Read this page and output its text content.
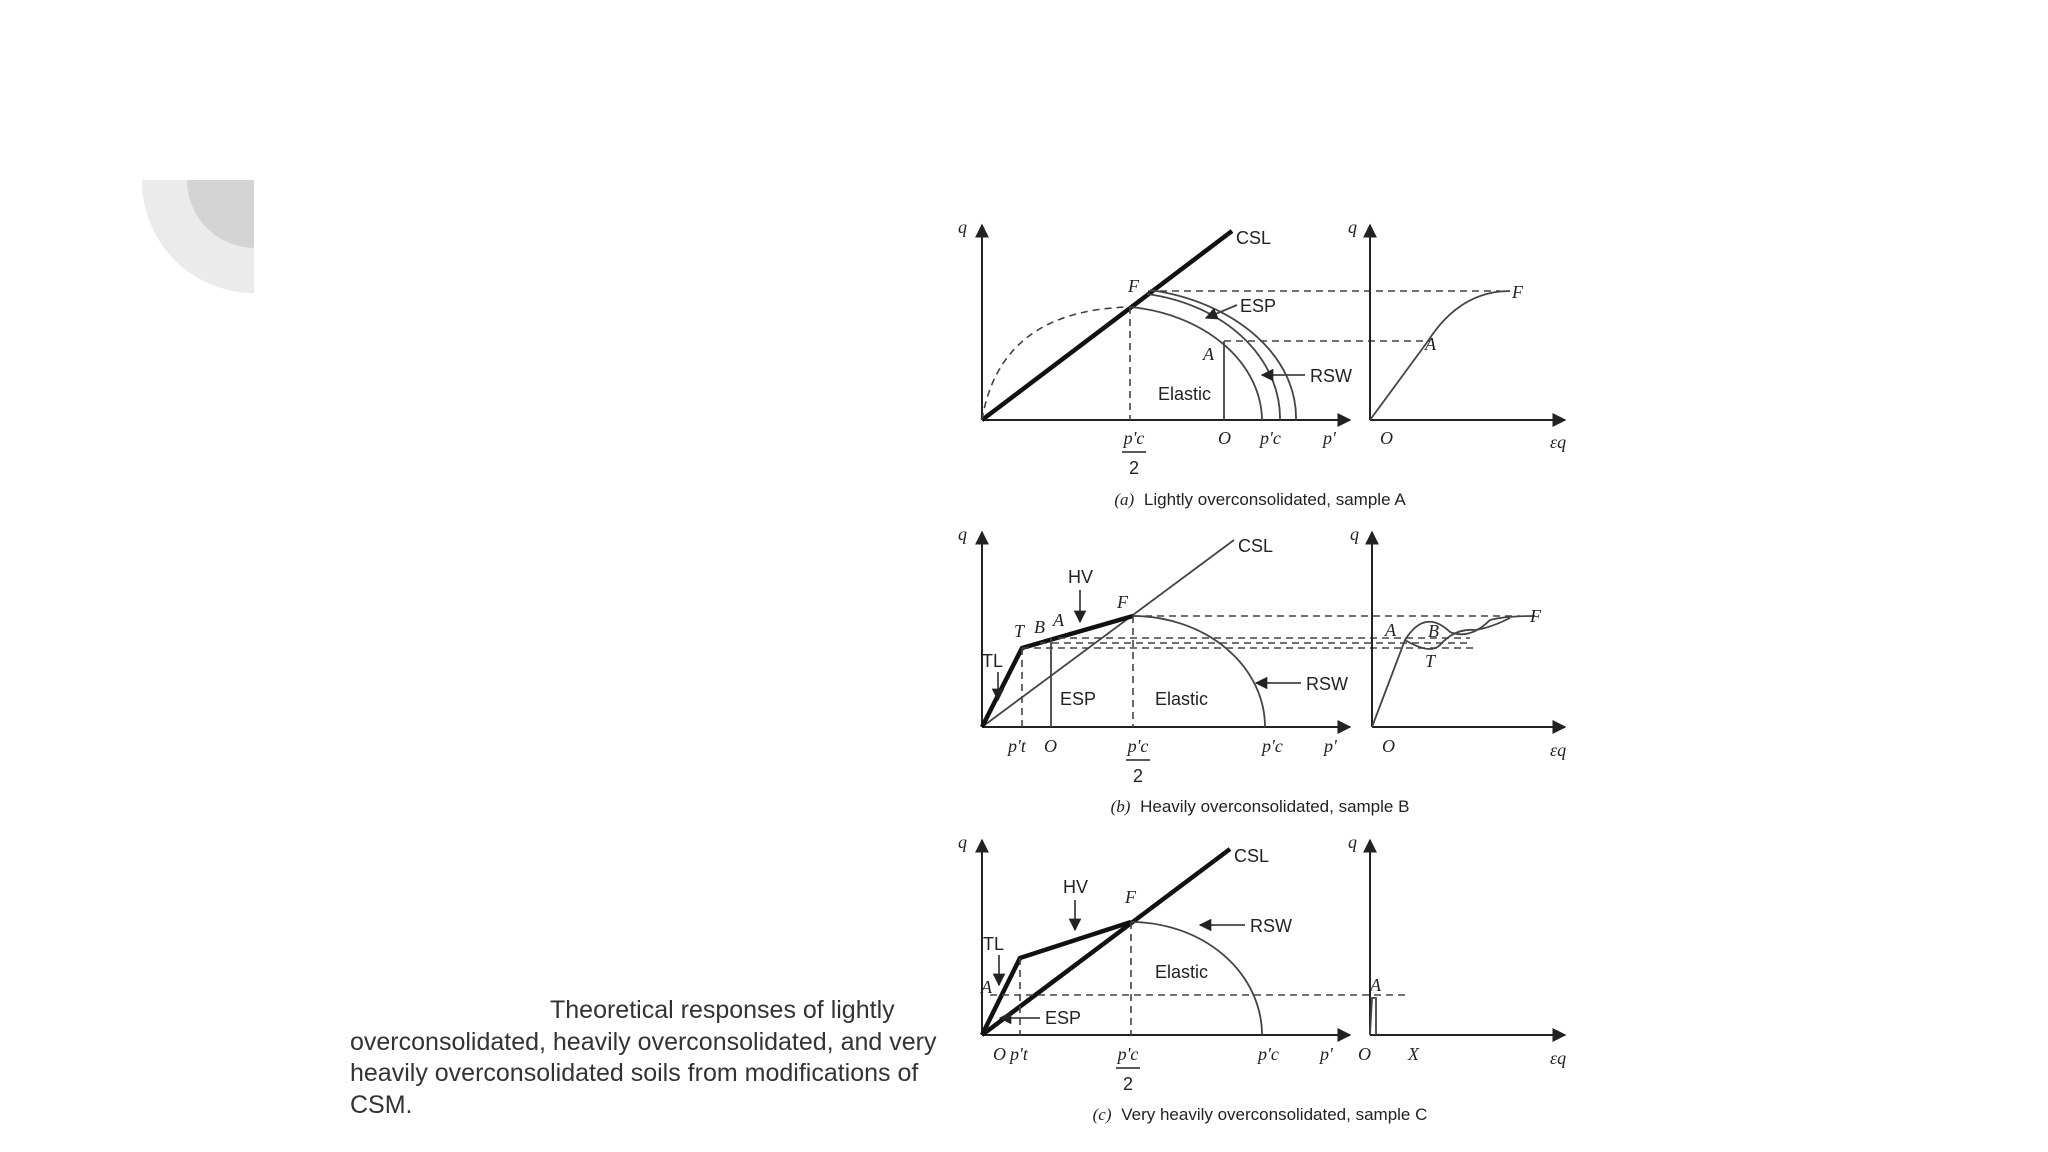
Theoretical responses of lightly overconsolidated, heavily overconsolidated, and very heavily overconsolidated soils from modifications of CSM.
q
CSL
F
A
ESP
RSW
Elastic
p'c
2
O p'c p'
q
A
F
O	εq
(a) Lightly overconsolidated, sample A
q
CSL
HV
T B A
F
TL
ESP	Elastic
RSW
p't O	p'c
2
p'c p'
q
A B
T
F
O	εq
(b) Heavily overconsolidated, sample B
q
CSL
HV F
TL
A
ESP
Elastic
RSW
O p't	p'c
2
p'c p'
q
A
O X	εq
(c) Very heavily overconsolidated, sample C
